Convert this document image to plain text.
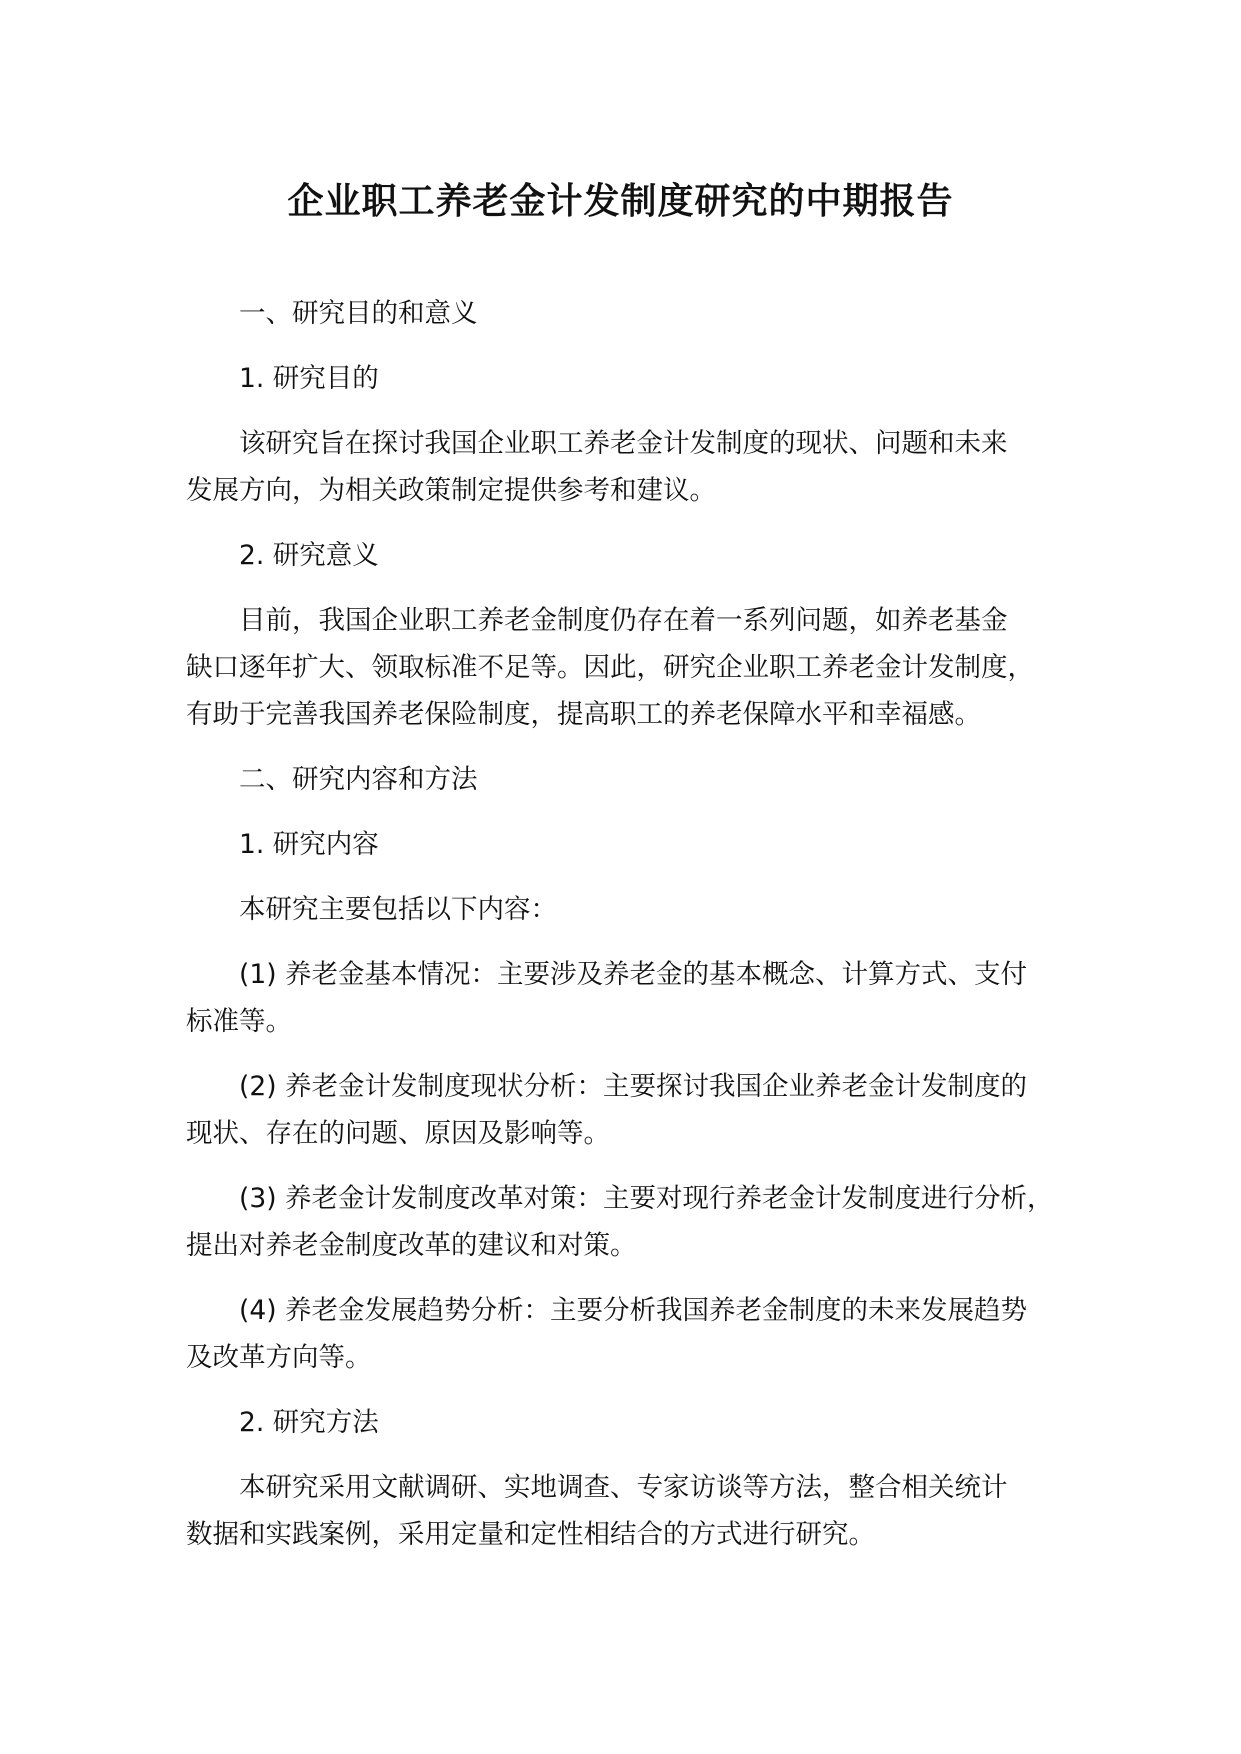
企业职工养老金计发制度研究的中期报告

一、研究目的和意义

1. 研究目的

该研究旨在探讨我国企业职工养老金计发制度的现状、问题和未来
发展方向，为相关政策制定提供参考和建议。

2. 研究意义

目前，我国企业职工养老金制度仍存在着一系列问题，如养老基金
缺口逐年扩大、领取标准不足等。因此，研究企业职工养老金计发制度，
有助于完善我国养老保险制度，提高职工的养老保障水平和幸福感。

二、研究内容和方法

1. 研究内容

本研究主要包括以下内容：

(1) 养老金基本情况：主要涉及养老金的基本概念、计算方式、支付
标准等。

(2) 养老金计发制度现状分析：主要探讨我国企业养老金计发制度的
现状、存在的问题、原因及影响等。

(3) 养老金计发制度改革对策：主要对现行养老金计发制度进行分析，
提出对养老金制度改革的建议和对策。

(4) 养老金发展趋势分析：主要分析我国养老金制度的未来发展趋势
及改革方向等。

2. 研究方法

本研究采用文献调研、实地调查、专家访谈等方法，整合相关统计
数据和实践案例，采用定量和定性相结合的方式进行研究。
